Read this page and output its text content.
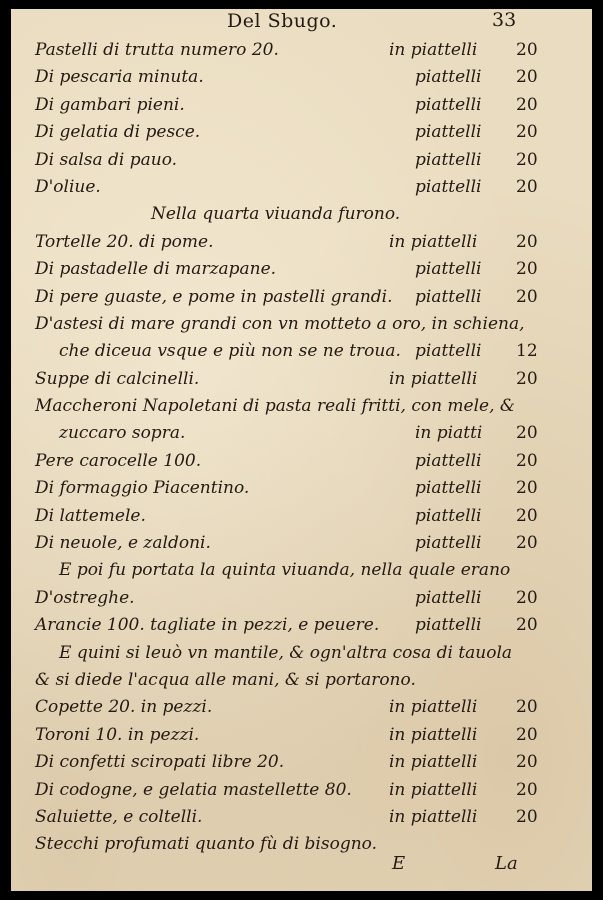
Del Sbugo.	33
Pastelli di trutta numero 20.	in piattelli 20
Di pescaria minuta.	piattelli 20
Di gambari pieni.	piattelli 20
Di gelatia di pesce.	piattelli 20
Di salsa di pauo.	piattelli 20
D'oliue.	piattelli 20
Nella quarta viuanda furono.
Tortelle 20. di pome.	in piattelli 20
Di pastadelle di marzapane.	piattelli 20
Di pere guaste, e pome in pastelli grandi. piattelli 20
D'astesi di mare grandi con vn motteto a oro, in schiena,
che diceua vsque e più non se ne troua. piattelli 12
Suppe di calcinelli.	in piattelli 20
Maccheroni Napoletani di pasta reali fritti, con mele, &
zuccaro sopra.	in piatti 20
Pere carocelle 100.	piattelli 20
Di formaggio Piacentino.	piattelli 20
Di lattemele.	piattelli 20
Di neuole, e zaldoni.	piattelli 20
E poi fu portata la quinta viuanda, nella quale erano
D'ostreghe.	piattelli 20
Arancie 100. tagliate in pezzi, e peuere. piattelli 20
E quini si leuò vn mantile, & ogn'altra cosa di tauola
& si diede l'acqua alle mani, & si portarono.
Copette 20. in pezzi.	in piattelli 20
Toroni 10. in pezzi.	in piattelli 20
Di confetti sciropati libre 20.	in piattelli 20
Di codogne, e gelatia mastellette 80. in piattelli 20
Saluiette, e coltelli.	in piattelli 20
Stecchi profumati quanto fù di bisogno.
E	La
